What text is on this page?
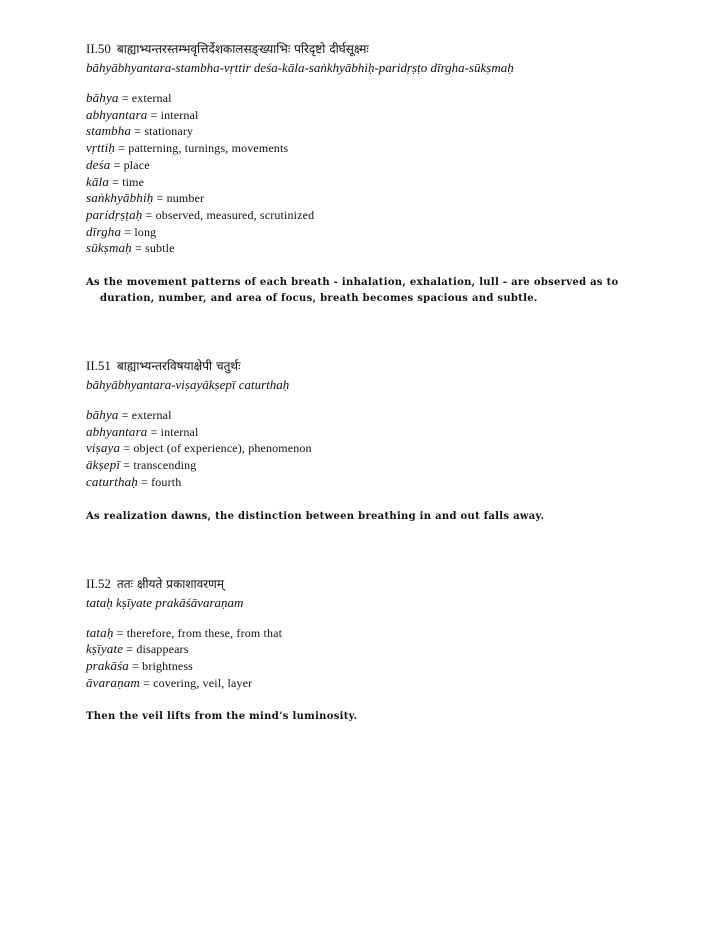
II.50 बाह्याभ्यन्तरस्तम्भवृत्तिर्देशकालसङ्ख्याभिः परिदृष्टो दीर्घसूक्ष्मः
bāhyābhyantara-stambha-vṛttir deśa-kāla-saṅkhyābhiḥ-paridṛṣṭo dīrgha-sūkṣmaḥ
bāhya = external
abhyantara = internal
stambha = stationary
vṛttiḥ = patterning, turnings, movements
deśa = place
kāla = time
saṅkhyābhiḥ = number
paridṛṣṭaḥ = observed, measured, scrutinized
dīrgha = long
sūkṣmaḥ = subtle

As the movement patterns of each breath - inhalation, exhalation, lull - are observed as to duration, number, and area of focus, breath becomes spacious and subtle.

II.51 बाह्याभ्यन्तरविषयाक्षेपी चतुर्थः
bāhyābhyantara-viṣayākṣepī caturthaḥ
bāhya = external
abhyantara = internal
viṣaya = object (of experience), phenomenon
ākṣepī = transcending
caturthaḥ = fourth

As realization dawns, the distinction between breathing in and out falls away.

II.52 ततः क्षीयते प्रकाशावरणम्
tataḥ kṣīyate prakāśāvaraṇam
tataḥ = therefore, from these, from that
kṣīyate = disappears
prakāśa = brightness
āvaraṇam = covering, veil, layer

Then the veil lifts from the mind’s luminosity.
